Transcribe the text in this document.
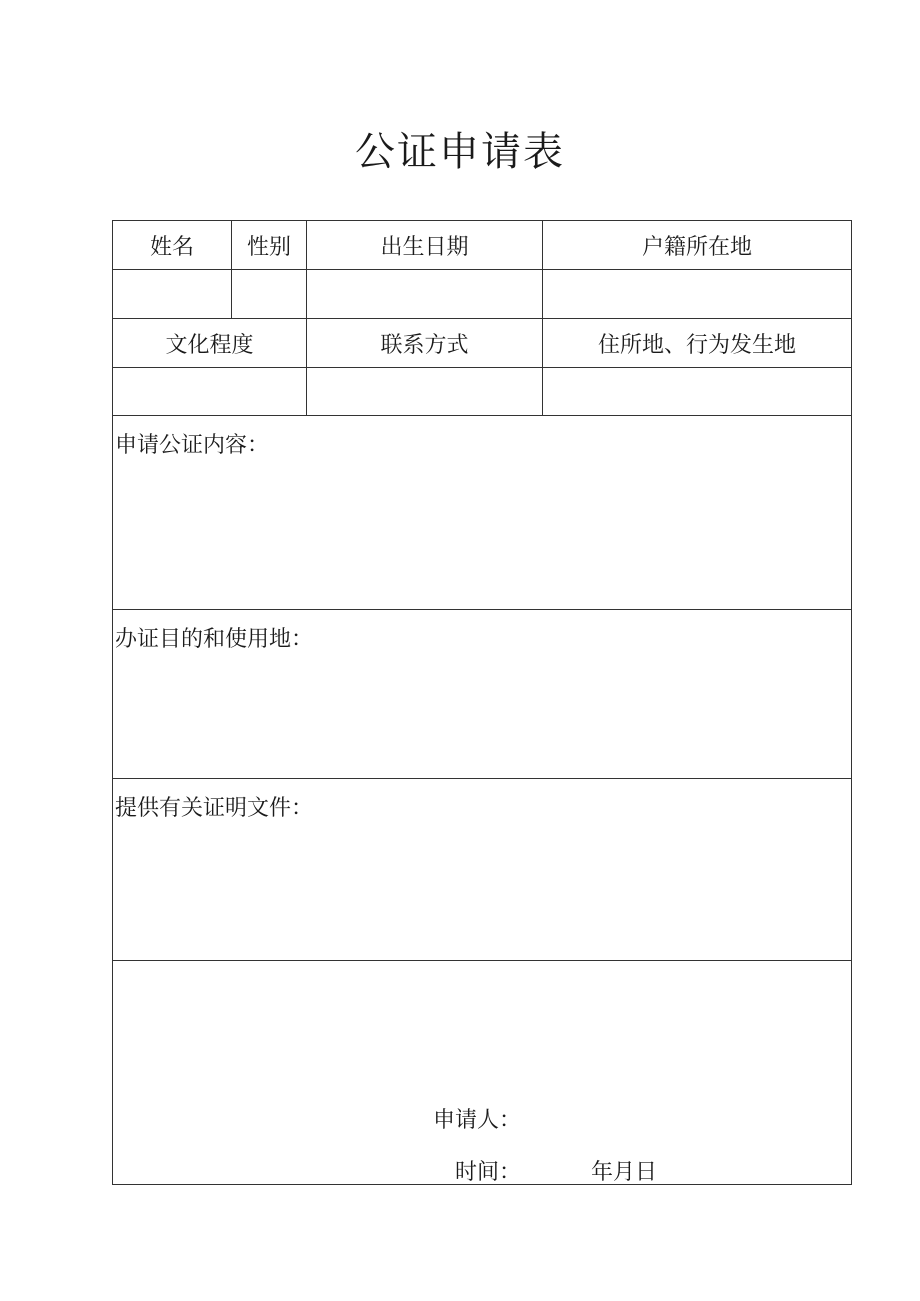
公证申请表
姓名	性别	出生日期	户籍所在地

文化程度		联系方式	住所地、行为发生地

申请公证内容：			
办证目的和使用地：			
提供有关证明文件：			

申请人：
时间： 年月日			
